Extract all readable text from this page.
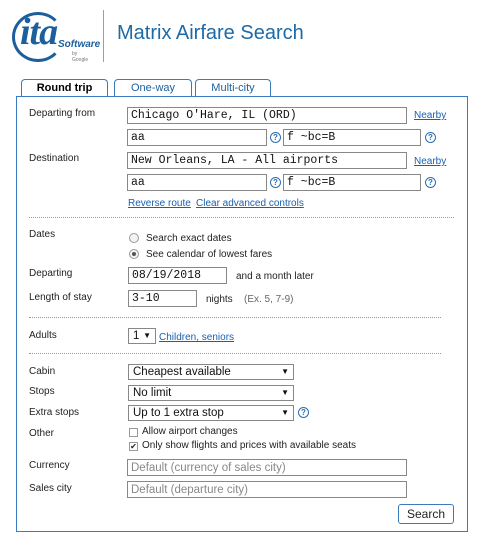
ita Software
by Google
Matrix Airfare Search
Round trip	One-way	Multi-city
Departing from	Chicago O'Hare, IL (ORD)	Nearby
aa	? f ~bc=B	?
Destination	New Orleans, LA - All airports	Nearby
aa	? f ~bc=B	?
Reverse route Clear advanced controls
Dates	Search exact dates
See calendar of lowest fares
Departing	08/19/2018	and a month later
Length of stay	3-10	nights (Ex. 5, 7-9)
Adults	1 ▼ Children, seniors
Cabin	Cheapest available	▼
Stops	No limit	▼
Extra stops	Up to 1 extra stop	▼	?
Other	Allow airport changes
✔ Only show flights and prices with available seats
Currency	Default (currency of sales city)
Sales city	Default (departure city)
Search
